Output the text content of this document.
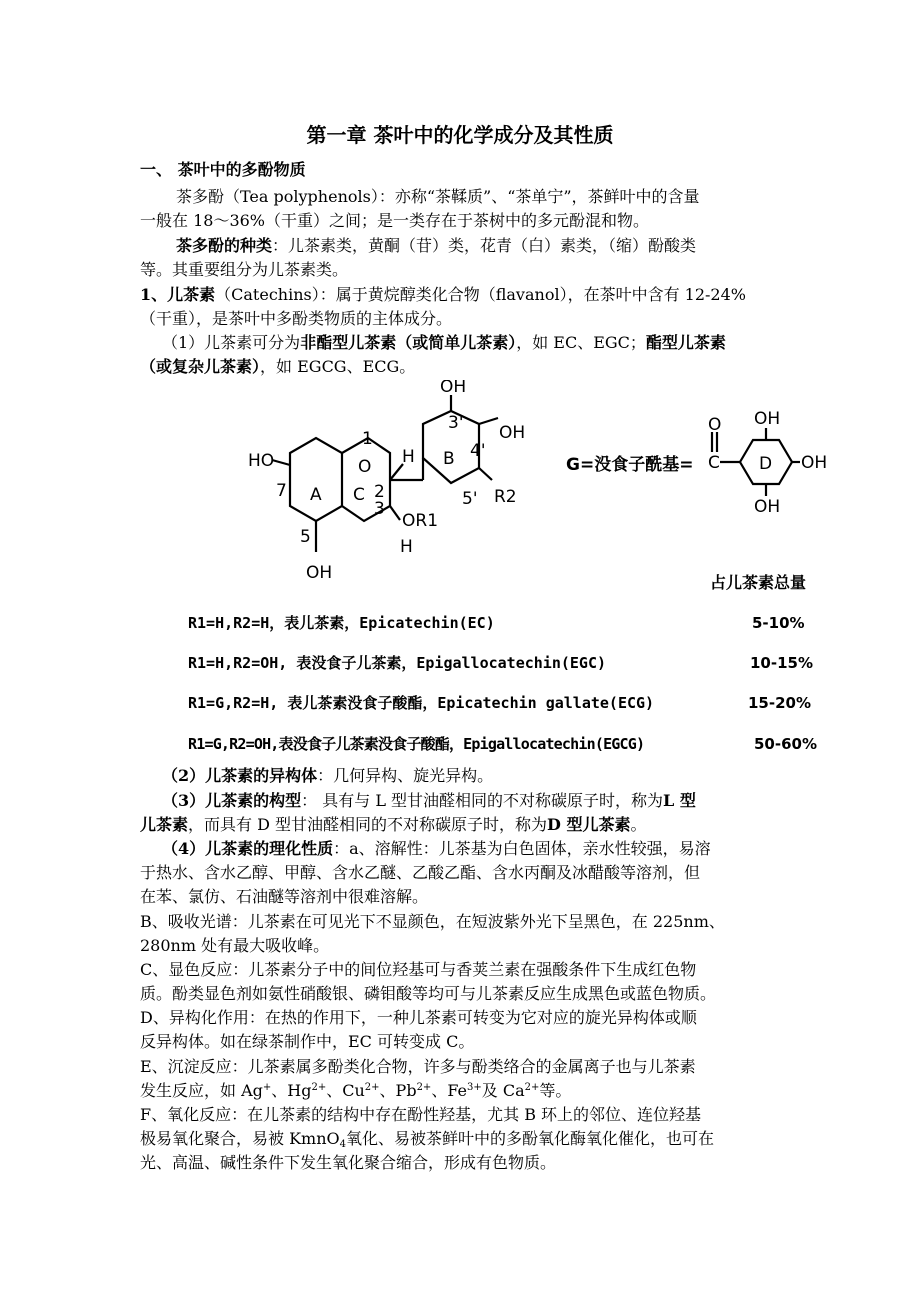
第一章 茶叶中的化学成分及其性质
一、 茶叶中的多酚物质
茶多酚（Tea polyphenols）：亦称“茶鞣质”、“茶单宁”，茶鲜叶中的含量
一般在 18～36%（干重）之间；是一类存在于茶树中的多元酚混和物。
茶多酚的种类：儿茶素类，黄酮（苷）类，花青（白）素类，（缩）酚酸类
等。其重要组分为儿茶素类。
1、儿茶素（Catechins）：属于黄烷醇类化合物（flavanol），在茶叶中含有 12-24%
（干重），是茶叶中多酚类物质的主体成分。
（1）儿茶素可分为非酯型儿茶素（或简单儿茶素），如 EC、EGC；酯型儿茶素
（或复杂儿茶素），如 EGCG、ECG。
HO
OH
OH
OH
1
O H
H
A
B
C 2
3
5
7
3'
4'
5' R2
OR1
G=没食子酰基=
O
C D
OH
OH
OH
占儿茶素总量
R1=H,R2=H，表儿茶素，Epicatechin(EC)	5-10%
R1=H,R2=OH, 表没食子儿茶素，Epigallocatechin(EGC)	10-15%
R1=G,R2=H, 表儿茶素没食子酸酯，Epicatechin gallate(ECG)	15-20%
R1=G,R2=OH,表没食子儿茶素没食子酸酯，Epigallocatechin(EGCG)	50-60%
（2）儿茶素的异构体：几何异构、旋光异构。
（3）儿茶素的构型： 具有与 L 型甘油醛相同的不对称碳原子时，称为L 型
儿茶素，而具有 D 型甘油醛相同的不对称碳原子时，称为D 型儿茶素。
（4）儿茶素的理化性质：a、溶解性：儿茶基为白色固体，亲水性较强，易溶
于热水、含水乙醇、甲醇、含水乙醚、乙酸乙酯、含水丙酮及冰醋酸等溶剂，但
在苯、氯仿、石油醚等溶剂中很难溶解。
B、吸收光谱：儿茶素在可见光下不显颜色，在短波紫外光下呈黑色，在 225nm、
280nm 处有最大吸收峰。
C、显色反应：儿茶素分子中的间位羟基可与香荚兰素在强酸条件下生成红色物
质。酚类显色剂如氨性硝酸银、磷钼酸等均可与儿茶素反应生成黑色或蓝色物质。
D、异构化作用：在热的作用下，一种儿茶素可转变为它对应的旋光异构体或顺
反异构体。如在绿茶制作中，EC 可转变成 C。
E、沉淀反应：儿茶素属多酚类化合物，许多与酚类络合的金属离子也与儿茶素
发生反应，如 Ag+、$Hg^{2+}$、$Cu^{2+}$、$Pb^{2+}$、$Fe^{3+}$及 $Ca^{2+}$等。
F、氧化反应：在儿茶素的结构中存在酚性羟基，尤其 B 环上的邻位、连位羟基
极易氧化聚合，易被 KmnO$_4$氧化、易被茶鲜叶中的多酚氧化酶氧化催化，也可在
光、高温、碱性条件下发生氧化聚合缩合，形成有色物质。
